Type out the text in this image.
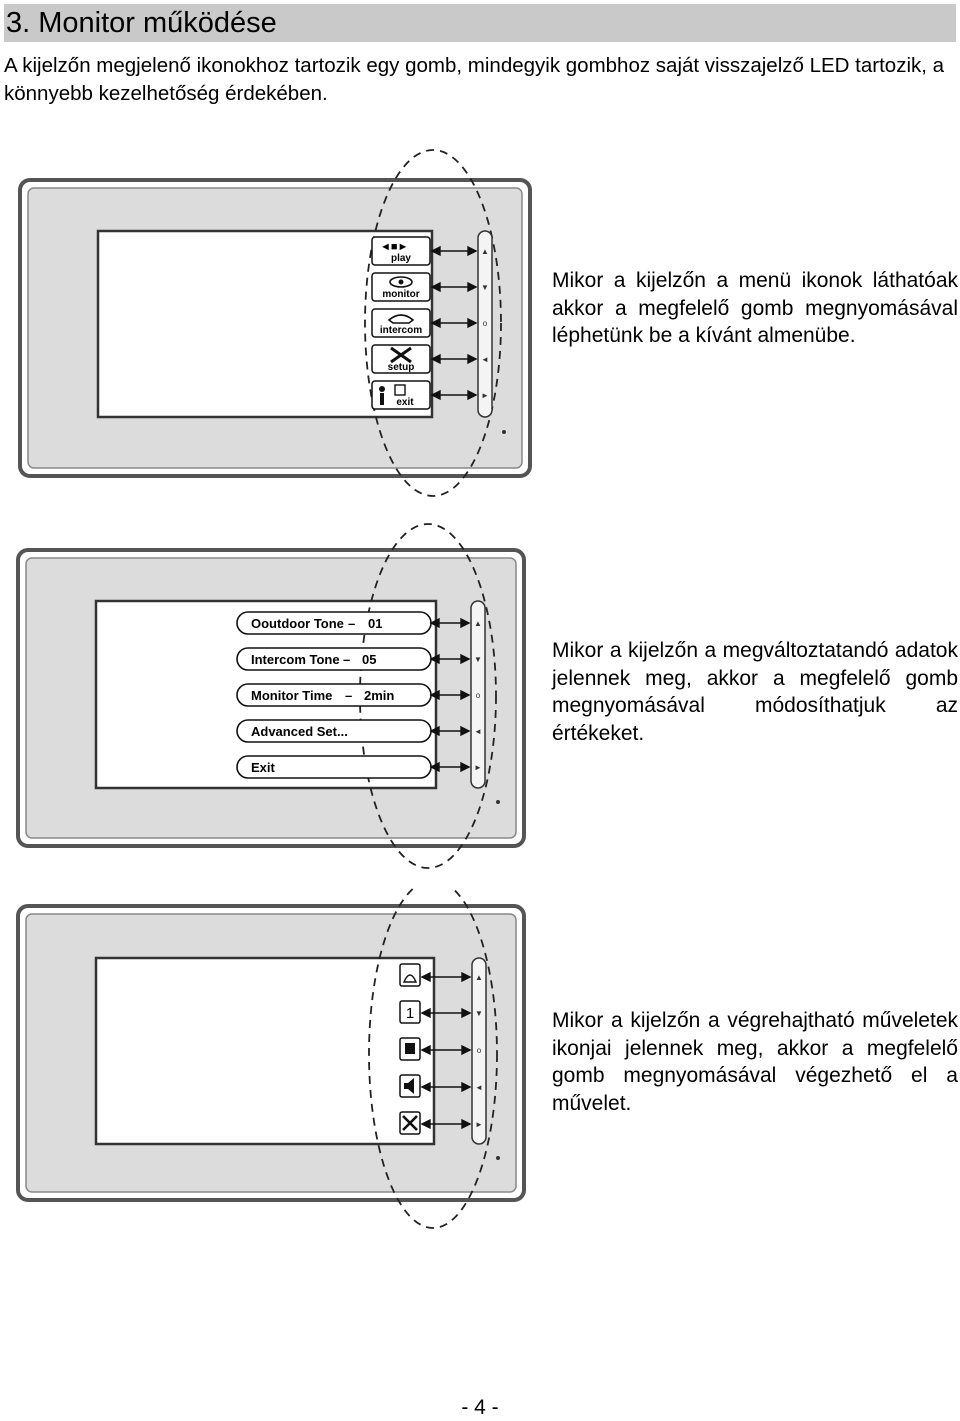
3. Monitor működése
A kijelzőn megjelenő ikonokhoz tartozik egy gomb, mindegyik gombhoz saját visszajelző LED tartozik, a könnyebb kezelhetőség érdekében.
◄■►
play
monitor
intercom
setup
exit
▲
▼
o
◄
►
Mikor a kijelzőn a menü ikonok láthatóak akkor a megfelelő gomb megnyomásával léphetünk be a kívánt almenübe.
Ooutdoor Tone – 01
Intercom Tone – 05
Monitor Time – 2min
Advanced Set...
Exit
▲
▼
o
◄
►
Mikor a kijelzőn a megváltoztatandó adatok jelennek meg, akkor a megfelelő gomb megnyomásával módosíthatjuk az értékeket.
1
▲
▼
o
◄
►
Mikor a kijelzőn a végrehajtható műveletek ikonjai jelennek meg, akkor a megfelelő gomb megnyomásával végezhető el a művelet.
- 4 -
